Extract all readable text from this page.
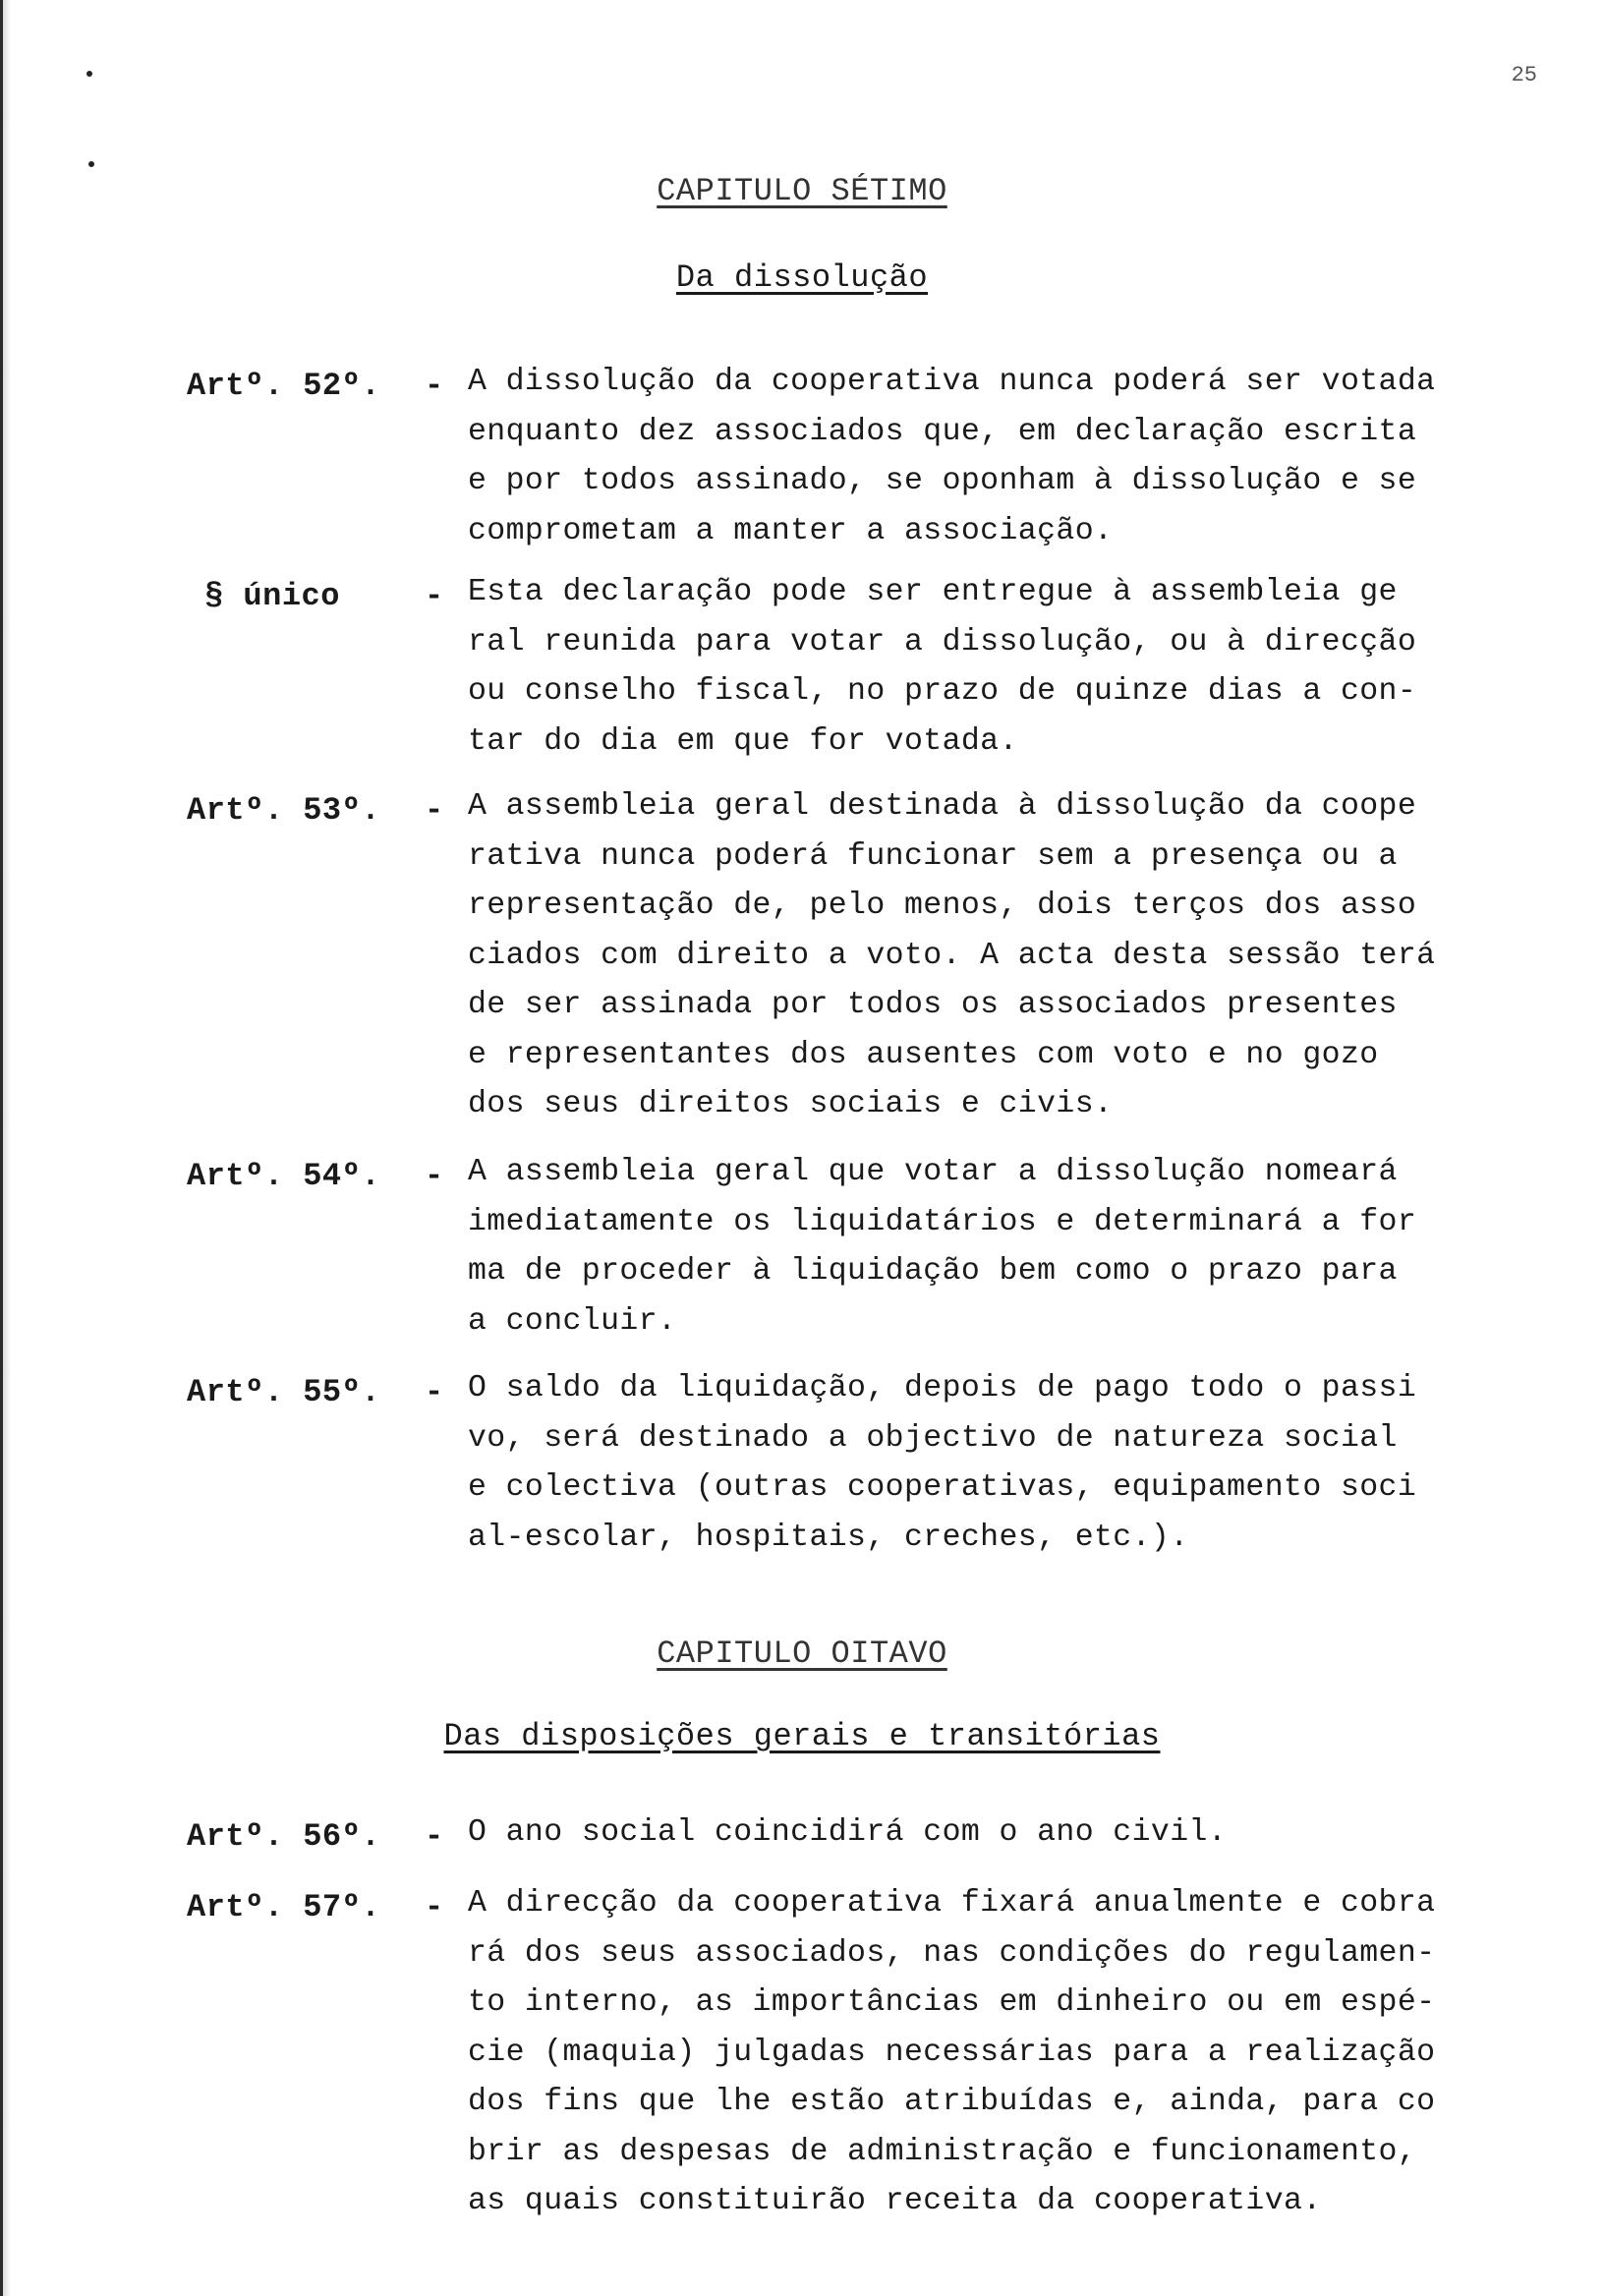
25
CAPITULO SÉTIMO
Da dissolução
Artº. 52º. - A dissolução da cooperativa nunca poderá ser votada
enquanto dez associados que, em declaração escrita
e por todos assinado, se oponham à dissolução e se
comprometam a manter a associação.
§ único	- Esta declaração pode ser entregue à assembleia ge
ral reunida para votar a dissolução, ou à direcção
ou conselho fiscal, no prazo de quinze dias a con-
tar do dia em que for votada.
Artº. 53º. - A assembleia geral destinada à dissolução da coope
rativa nunca poderá funcionar sem a presença ou a
representação de, pelo menos, dois terços dos asso
ciados com direito a voto. A acta desta sessão terá
de ser assinada por todos os associados presentes
e representantes dos ausentes com voto e no gozo
dos seus direitos sociais e civis.
Artº. 54º. - A assembleia geral que votar a dissolução nomeará
imediatamente os liquidatários e determinará a for
ma de proceder à liquidação bem como o prazo para
a concluir.
Artº. 55º. - O saldo da liquidação, depois de pago todo o passi
vo, será destinado a objectivo de natureza social
e colectiva (outras cooperativas, equipamento soci
al-escolar, hospitais, creches, etc.).
CAPITULO OITAVO
Das disposições gerais e transitórias
Artº. 56º. - O ano social coincidirá com o ano civil.
Artº. 57º. - A direcção da cooperativa fixará anualmente e cobra
rá dos seus associados, nas condições do regulamen-
to interno, as importâncias em dinheiro ou em espé-
cie (maquia) julgadas necessárias para a realização
dos fins que lhe estão atribuídas e, ainda, para co
brir as despesas de administração e funcionamento,
as quais constituirão receita da cooperativa.
